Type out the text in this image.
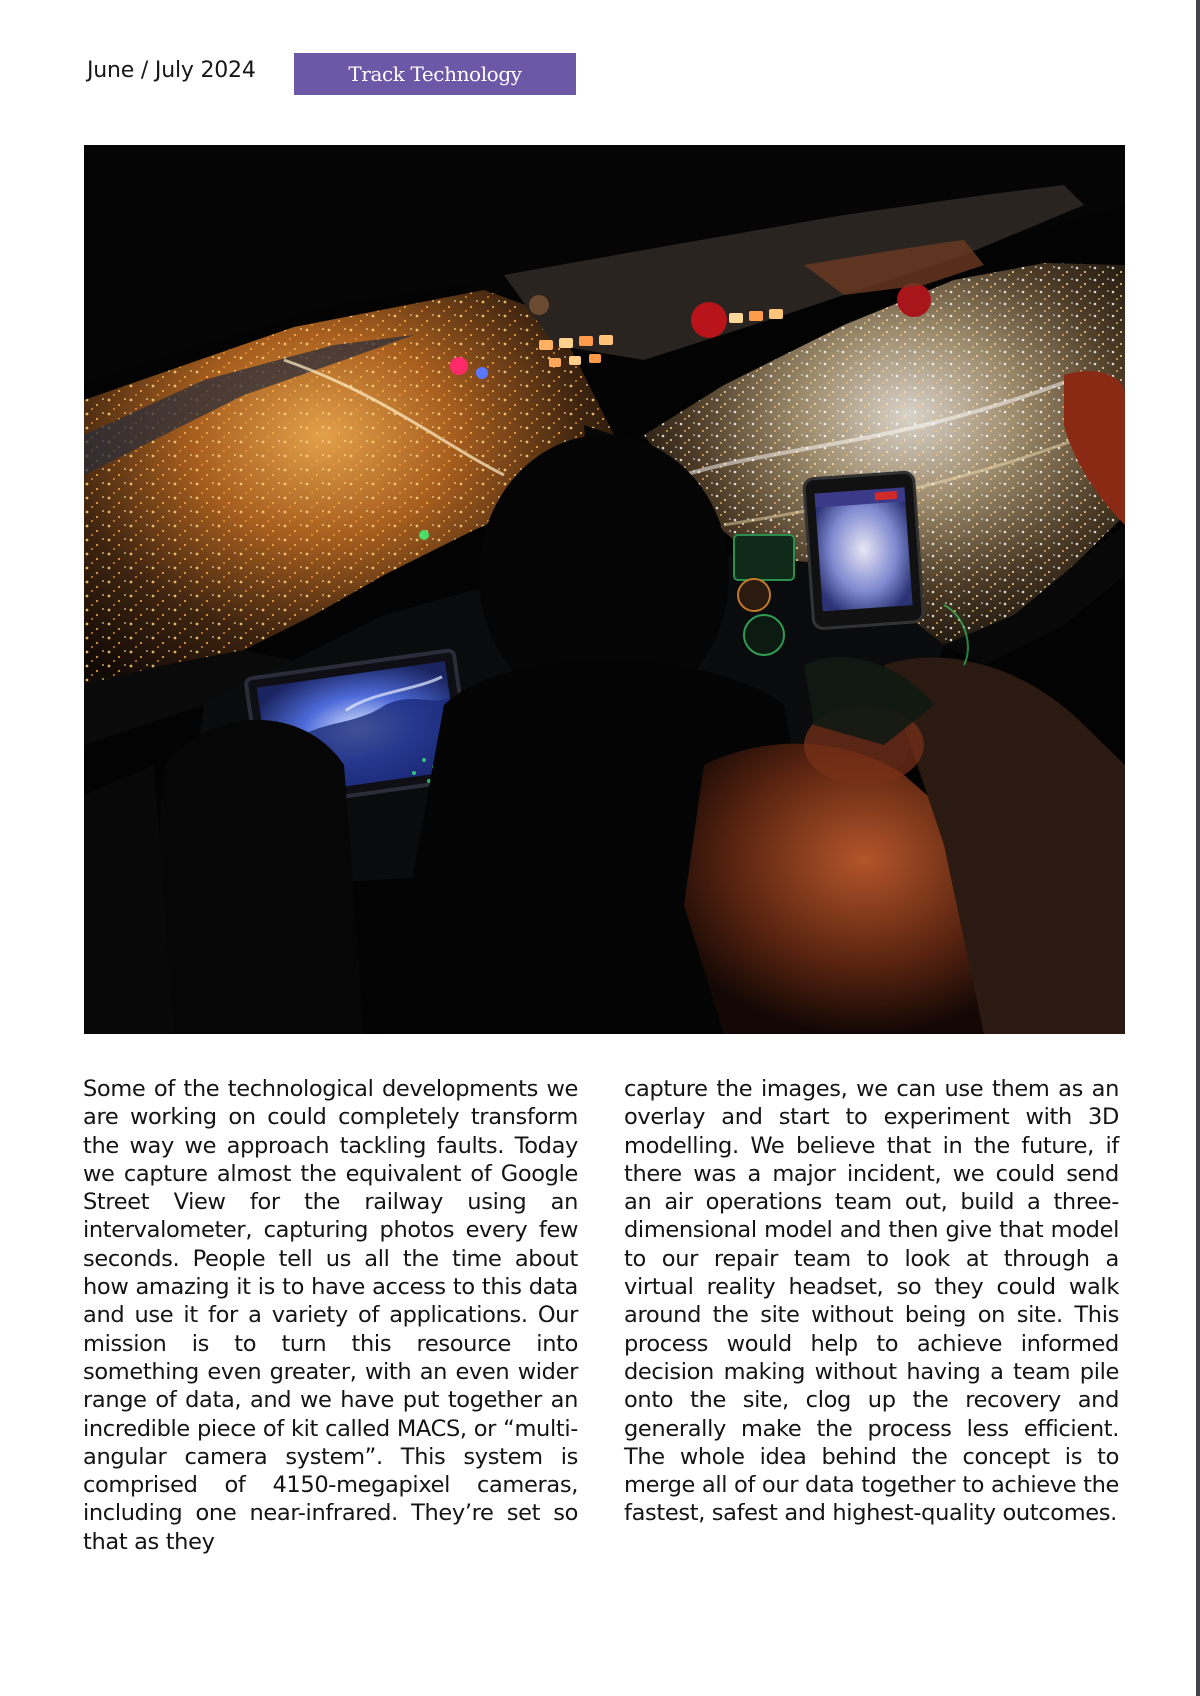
June / July 2024	Track Technology

Some of the technological developments we are working on could completely transform the way we approach tackling faults. Today we capture almost the equivalent of Google Street View for the railway using an intervalometer, capturing photos every few seconds. People tell us all the time about how amazing it is to have access to this data and use it for a variety of applications. Our mission is to turn this resource into something even greater, with an even wider range of data, and we have put together an incredible piece of kit called MACS, or “multi-angular camera system”. This system is comprised of 4150-megapixel cameras, including one near-infrared. They’re set so that as they

capture the images, we can use them as an overlay and start to experiment with 3D modelling. We believe that in the future, if there was a major incident, we could send an air operations team out, build a three-dimensional model and then give that model to our repair team to look at through a virtual reality headset, so they could walk around the site without being on site. This process would help to achieve informed decision making without having a team pile onto the site, clog up the recovery and generally make the process less efficient. The whole idea behind the concept is to merge all of our data together to achieve the fastest, safest and highest-quality outcomes.
